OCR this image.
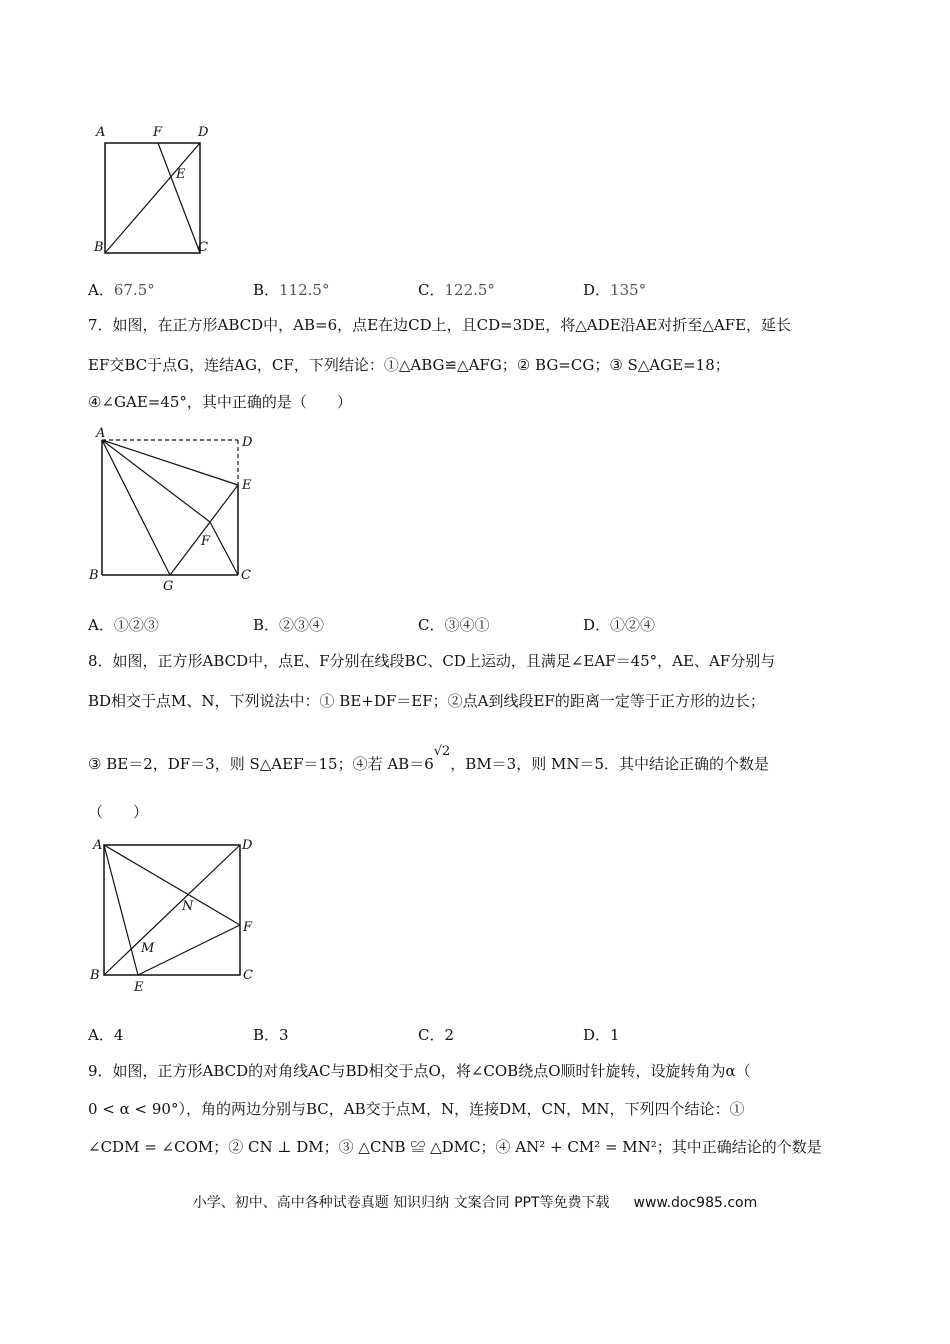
A	F	D
E
B	C
A．67.5°	B．112.5°	C．122.5°	D．135°
7．如图，在正方形ABCD中，AB=6，点E在边CD上，且CD=3DE，将△ADE沿AE对折至△AFE，延长
EF交BC于点G，连结AG，CF，下列结论：①△ABG≌△AFG；② BG=CG；③ S△AGE=18；
④∠GAE=45°，其中正确的是（　　）
A
D
E
F
B
G
C
A．①②③	B．②③④	C．③④①	D．①②④
8．如图，正方形ABCD中，点E、F分别在线段BC、CD上运动，且满足∠EAF＝45°，AE、AF分别与
BD相交于点M、N，下列说法中：① BE+DF＝EF；②点A到线段EF的距离一定等于正方形的边长；
③ BE＝2，DF＝3，则 S△AEF＝15；④若 $AB=6^{√2}$，BM＝3，则 MN＝5．其中结论正确的个数是
（　　）
A	D
N
F
M
B
E
C
A．4	B．3	C．2	D．1
9．如图，正方形ABCD的对角线AC与BD相交于点O，将∠COB绕点O顺时针旋转，设旋转角为α（
0 < α < 90°），角的两边分别与BC，AB交于点M，N，连接DM，CN，MN，下列四个结论：①
∠CDM = ∠COM；② CN ⊥ DM；③ △CNB ≌ △DMC；④ AN² + CM² = MN²；其中正确结论的个数是
小学、初中、高中各种试卷真题 知识归纳 文案合同 PPT等免费下载 www.doc985.com
